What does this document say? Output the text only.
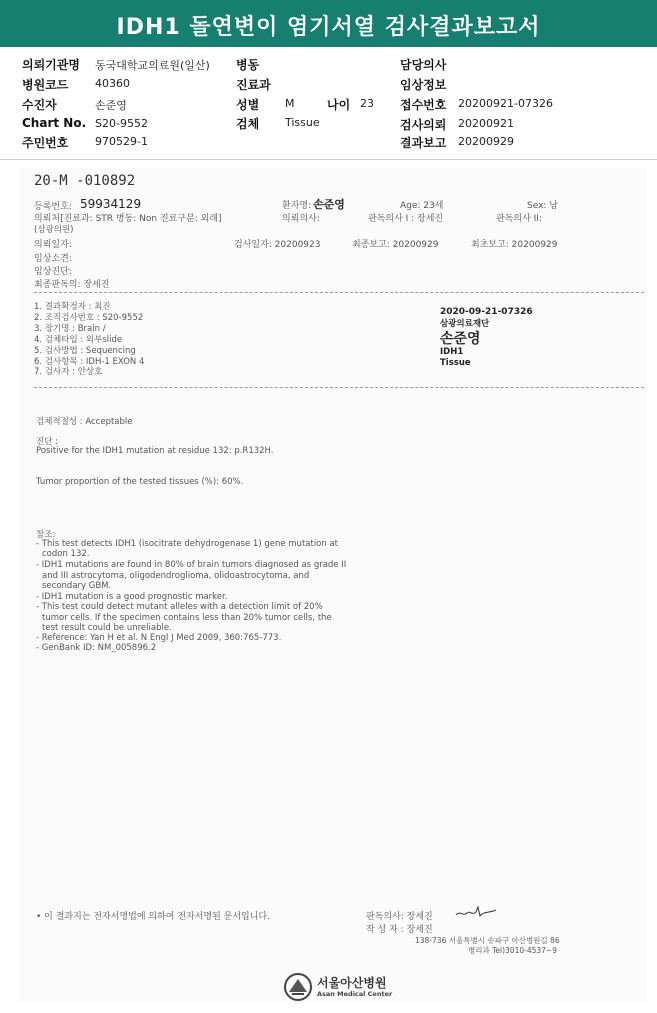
IDH1 돌연변이 염기서열 검사결과보고서
의뢰기관명 동국대학교의료원(일산)
병원코드 40360
수진자	손준영
Chart No. S20-9552
주민번호 970529-1
병동
진료과
성별 M	나이 23
검체 Tissue
담당의사
임상정보
접수번호 20200921-07326
검사의뢰 20200921
결과보고 20200929
20-M -010892
등록번호: 59934129	환자명: 손준영	Age: 23세	Sex: 남
의뢰처[진료과: STR 병동: Non 진료구분: 외래]	의뢰의사:	판독의사 I : 장세진	판독의사 II:
(삼광의원)
의뢰일자:	검사일자: 20200923	최종보고: 20200929	최초보고: 20200929
임상소견:
임상진단:
최종판독의: 장세진
1. 결과확정자 : 최진
2. 조직검사번호 : S20-9552
3. 장기명 : Brain /
4. 검체타입 : 외부slide
5. 검사방법 : Sequencing
6. 검사항목 : IDH-1 EXON 4
7. 검사자 : 안상호
2020-09-21-07326
삼광의료재단
손준영
IDH1
Tissue
검체적절성 : Acceptable
진단 :
Positive for the IDH1 mutation at residue 132: p.R132H.
Tumor proportion of the tested tissues (%): 60%.
참조:
- This test detects IDH1 (isocitrate dehydrogenase 1) gene mutation at
codon 132.
- IDH1 mutations are found in 80% of brain tumors diagnosed as grade II
and III astrocytoma, oligodendroglioma, olidoastrocytoma, and
secondary GBM.
- IDH1 mutation is a good prognostic marker.
- This test could detect mutant alleles with a detection limit of 20%
tumor cells. If the specimen contains less than 20% tumor cells, the
test result could be unreliable.
- Reference: Yan H et al. N Engl J Med 2009, 360:765-773.
- GenBank ID: NM_005896.2
• 이 결과지는 전자서명법에 의하여 전자서명된 문서입니다.	판독의사: 장세진
작 성 자 : 장세진
138-736 서울특별시 송파구 아산병원길 86
병리과 Tel)3010-4537~9
서울아산병원
Asan Medical Center
